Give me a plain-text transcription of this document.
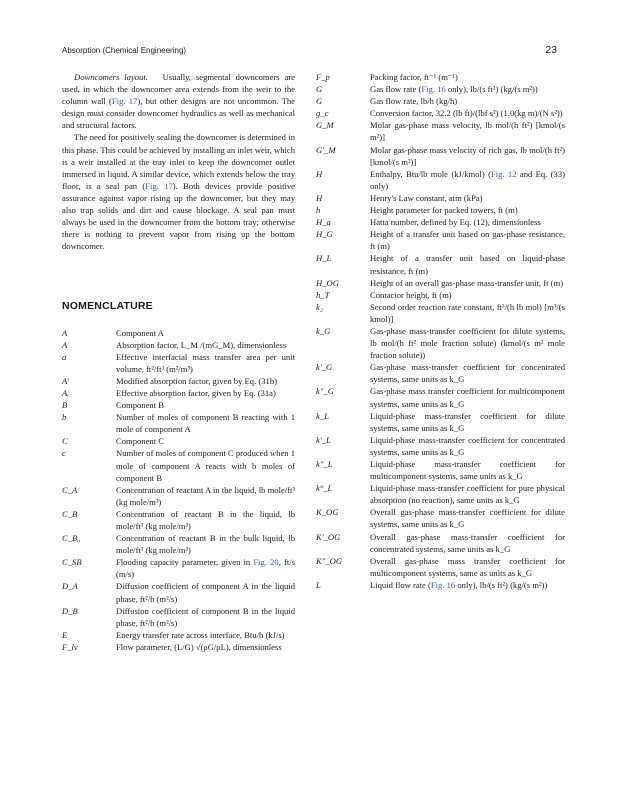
Absorption (Chemical Engineering)	23

Downcomers layout. Usually, segmental downcomers are used, in which the downcomer area extends from the weir to the column wall (Fig. 17), but other designs are not uncommon. The design must consider downcomer hydraulics as well as mechanical and structural factors.

The need for positively sealing the downcomer is determined in this phase. This could be achieved by installing an inlet weir, which is a weir installed at the tray inlet to keep the downcomer outlet immersed in liquid. A similar device, which extends below the tray floor, is a seal pan (Fig. 17). Both devices provide positive assurance against vapor rising up the downcomer, but they may also trap solids and dirt and cause blockage. A seal pan must always be used in the downcomer from the bottom tray; otherwise there is nothing to prevent vapor from rising up the bottom downcomer.

NOMENCLATURE
A	Component A
A	Absorption factor, L_M /(mG_M), dimensionless
a	Effective interfacial mass transfer area per unit volume, ft²/ft³ (m²/m³)
A′	Modified absorption factor, given by Eq. (31b)
Aₑ	Effective absorption factor, given by Eq. (31a)
B	Component B
b	Number of moles of component B reacting with 1 mole of component A
C	Component C
c	Number of moles of component C produced when 1 mole of component A reacts with b moles of component B
C_A	Concentration of reactant A in the liquid, lb mole/ft³ (kg mole/m³)
C_B	Concentration of reactant B in the liquid, lb mole/ft³ (kg mole/m³)
C_B₀	Concentration of reactant B in the bulk liquid, lb mole/ft³ (kg mole/m³)
C_SB	Flooding capacity parameter, given in Fig. 20, ft/s (m/s)
D_A	Diffusion coefficient of component A in the liquid phase, ft²/h (m²/s)
D_B	Diffusion coefficient of component B in the liquid phase, ft²/h (m²/s)
E	Energy transfer rate across interface, Btu/h (kJ/s)
F_lv	Flow parameter, (L/G) √(ρG/ρL), dimensionless
F_p	Packing factor, ft⁻¹ (m⁻¹)
G	Gas flow rate (Fig. 16 only), lb/(s ft²) (kg/(s m²))
G	Gas flow rate, lb/h (kg/h)
g_c	Conversion factor, 32.2 (lb ft)/(lbf s²) (1.0(kg m)/(N s²))
G_M	Molar gas-phase mass velocity, lb mol/(h ft²) [kmol/(s m²)]
G′_M	Molar gas-phase mass velocity of rich gas, lb mol/(h ft²) [kmol/(s m²)]
H	Enthalpy, Btu/lb mole (kJ/kmol) (Fig. 12 and Eq. (33) only)
H	Henry's Law constant, atm (kPa)
h	Height parameter for packed towers, ft (m)
H_a	Hatta number, defined by Eq. (12), dimensionless
H_G	Height of a transfer unit based on gas-phase resistance, ft (m)
H_L	Height of a transfer unit based on liquid-phase resistance, ft (m)
H_OG	Height of an overall gas-phase mass-transfer unit, ft (m)
h_T	Contactor height, ft (m)
k₂	Second order reaction rate constant, ft³/(h lb mol) [m³/(s kmol)]
k_G	Gas-phase mass-transfer coefficient for dilute systems, lb mol/(h ft² mole fraction solute) (kmol/(s m² mole fraction solute))
k′_G	Gas-phase mass-transfer coefficient for concentrated systems, same units as k_G
k″_G	Gas-phase mass transfer coefficient for multicomponent systems, same units as k_G
k_L	Liquid-phase mass-transfer coefficient for dilute systems, same units as k_G
k′_L	Liquid-phase mass-transfer coefficient for concentrated systems, same units as k_G
k″_L	Liquid-phase mass-transfer coefficient for multicomponent systems, same units as k_G
k°_L	Liquid-phase mass-transfer coefficient for pure physical absorption (no reaction), same units as k_G
K_OG	Overall gas-phase mass-transfer coefficient for dilute systems, same units as k_G
K′_OG	Overall gas-phase mass-transfer coefficient for concentrated systems, same units as k_G
K″_OG	Overall gas-phase mass transfer coefficient for multicomponent systems, same as units as k_G
L	Liquid flow rate (Fig. 16 only), lb/(s ft²) (kg/(s m²))
